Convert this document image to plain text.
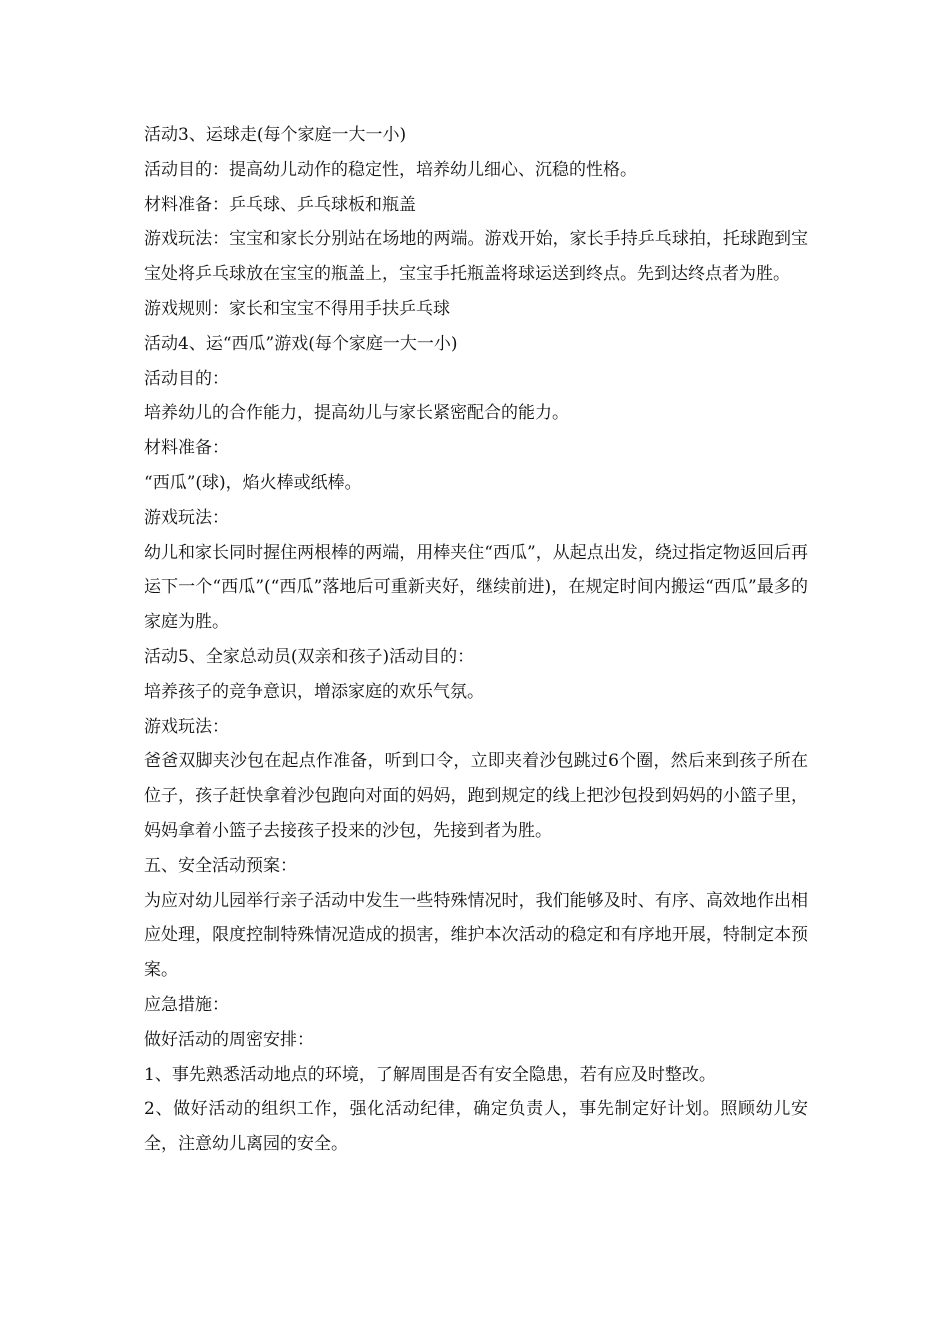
活动3、运球走(每个家庭一大一小)

活动目的：提高幼儿动作的稳定性，培养幼儿细心、沉稳的性格。

材料准备：乒乓球、乒乓球板和瓶盖

游戏玩法：宝宝和家长分别站在场地的两端。游戏开始，家长手持乒乓球拍，托球跑到宝宝处将乒乓球放在宝宝的瓶盖上，宝宝手托瓶盖将球运送到终点。先到达终点者为胜。

游戏规则：家长和宝宝不得用手扶乒乓球

活动4、运“西瓜”游戏(每个家庭一大一小)

活动目的：

培养幼儿的合作能力，提高幼儿与家长紧密配合的能力。

材料准备：

“西瓜”(球)，焰火棒或纸棒。

游戏玩法：

幼儿和家长同时握住两根棒的两端，用棒夹住“西瓜”，从起点出发，绕过指定物返回后再运下一个“西瓜”(“西瓜”落地后可重新夹好，继续前进)，在规定时间内搬运“西瓜”最多的家庭为胜。

活动5、全家总动员(双亲和孩子)活动目的：

培养孩子的竞争意识，增添家庭的欢乐气氛。

游戏玩法：

爸爸双脚夹沙包在起点作准备，听到口令，立即夹着沙包跳过6个圈，然后来到孩子所在位子，孩子赶快拿着沙包跑向对面的妈妈，跑到规定的线上把沙包投到妈妈的小篮子里，妈妈拿着小篮子去接孩子投来的沙包，先接到者为胜。

五、安全活动预案：

为应对幼儿园举行亲子活动中发生一些特殊情况时，我们能够及时、有序、高效地作出相应处理，限度控制特殊情况造成的损害，维护本次活动的稳定和有序地开展，特制定本预案。

应急措施：

做好活动的周密安排：

1、事先熟悉活动地点的环境，了解周围是否有安全隐患，若有应及时整改。

2、做好活动的组织工作，强化活动纪律，确定负责人，事先制定好计划。照顾幼儿安全，注意幼儿离园的安全。
